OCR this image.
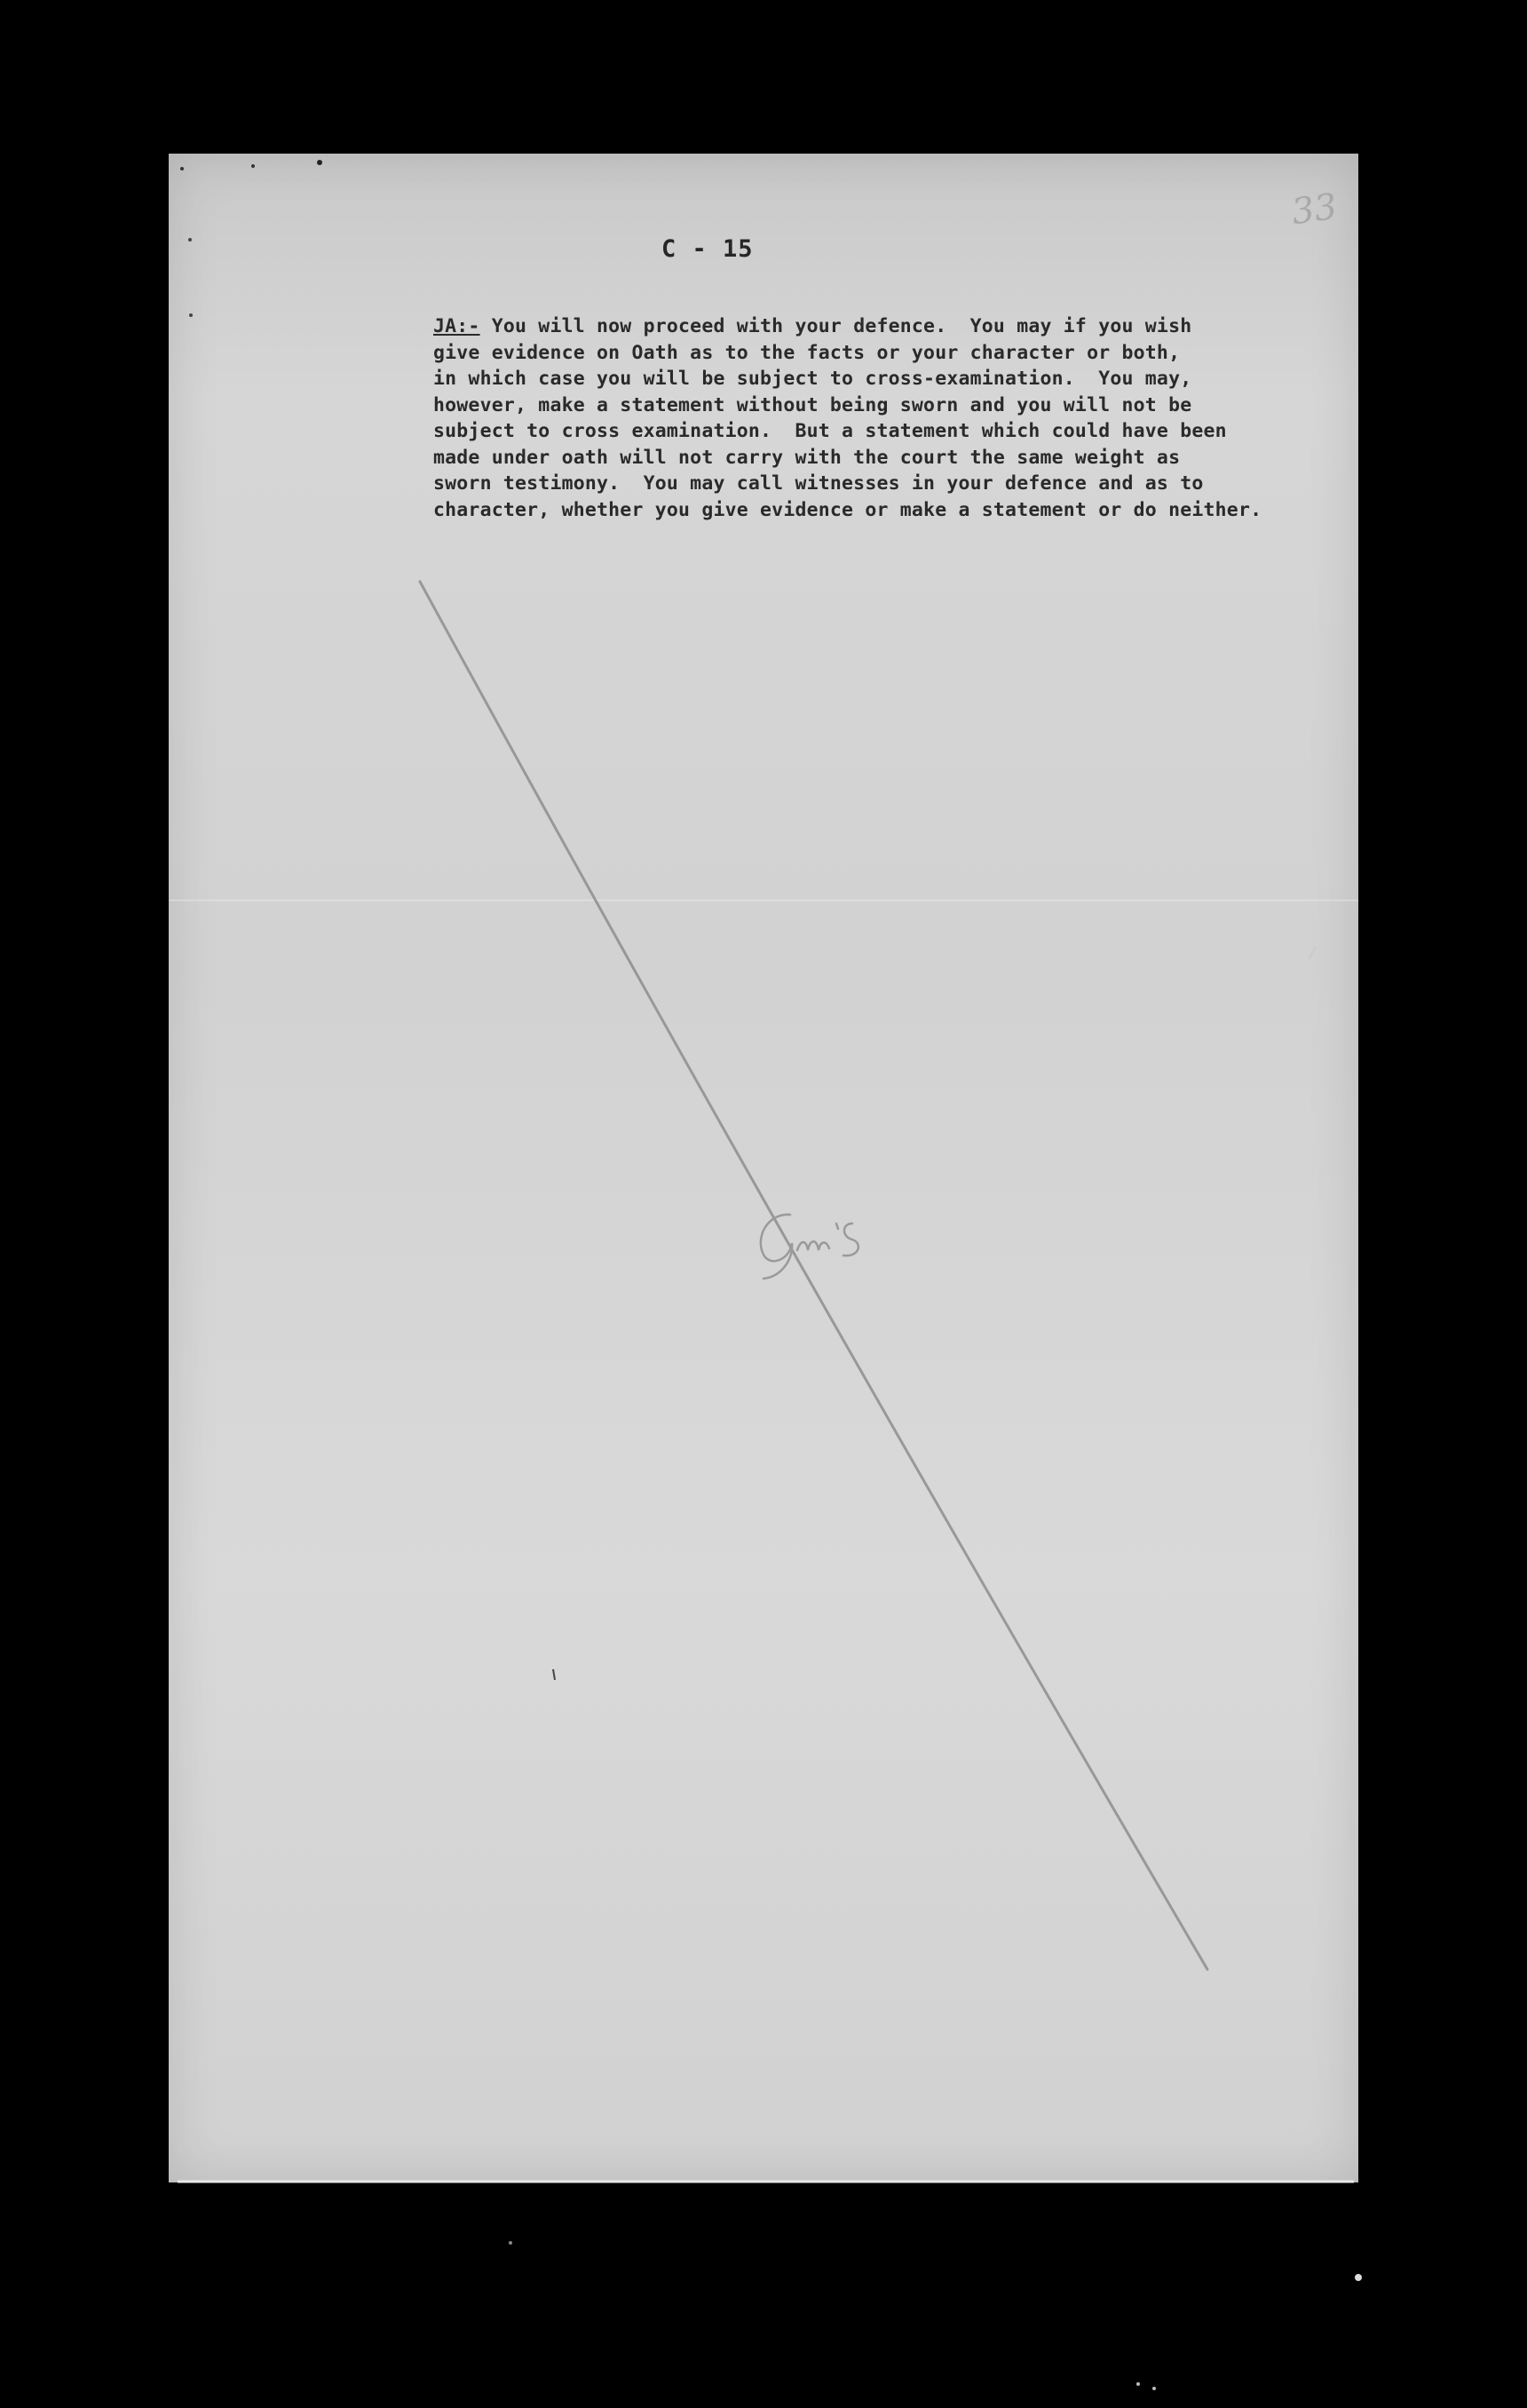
33
C - 15
JA:- You will now proceed with your defence.  You may if you wish
give evidence on Oath as to the facts or your character or both,
in which case you will be subject to cross-examination.  You may,
however, make a statement without being sworn and you will not be
subject to cross examination.  But a statement which could have been
made under oath will not carry with the court the same weight as
sworn testimony.  You may call witnesses in your defence and as to
character, whether you give evidence or make a statement or do neither.
